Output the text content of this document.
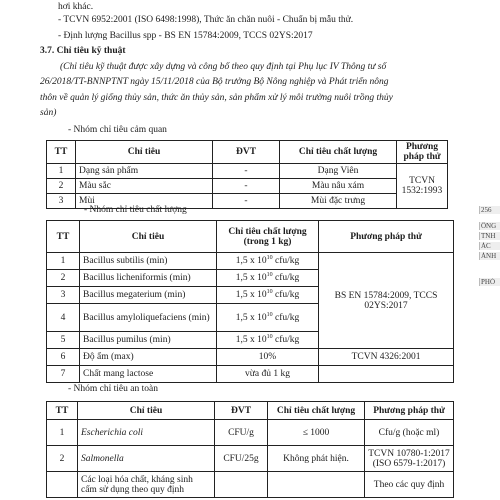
hơi khác.
- TCVN 6952:2001 (ISO 6498:1998), Thức ăn chăn nuôi - Chuẩn bị mẫu thử.
- Định lượng Bacillus spp - BS EN 15784:2009, TCCS 02YS:2017
3.7. Chỉ tiêu kỹ thuật
(Chỉ tiêu kỹ thuật được xây dựng và công bố theo quy định tại Phụ lục IV Thông tư số
26/2018/TT-BNNPTNT ngày 15/11/2018 của Bộ trưởng Bộ Nông nghiệp và Phát triển nông
thôn về quản lý giống thủy sản, thức ăn thủy sản, sản phẩm xử lý môi trường nuôi trồng thủy
sản)
- Nhóm chỉ tiêu cảm quan
TT	Chỉ tiêu	ĐVT	Chỉ tiêu chất lượng	Phương pháp thử
1	Dạng sản phẩm	-	Dạng Viên	TCVN 1532:1993
2	Màu sắc	-	Màu nâu xám	
3	Mùi	-	Mùi đặc trưng	
- Nhóm chỉ tiêu chất lượng
TT	Chỉ tiêu	Chỉ tiêu chất lượng (trong 1 kg)	Phương pháp thử
1	Bacillus subtilis (min)	1,5 x $10^{10}$ cfu/kg	BS EN 15784:2009, TCCS 02YS:2017
2	Bacillus licheniformis (min)	1,5 x $10^{10}$ cfu/kg	
3	Bacillus megaterium (min)	1,5 x $10^{10}$ cfu/kg	
4	Bacillus amyloliquefaciens (min)	1,5 x $10^{10}$ cfu/kg	
5	Bacillus pumilus (min)	1,5 x $10^{10}$ cfu/kg	
6	Độ ẩm (max)	10%	TCVN 4326:2001
7	Chất mang lactose	vừa đủ 1 kg	
- Nhóm chỉ tiêu an toàn
TT	Chỉ tiêu	ĐVT	Chỉ tiêu chất lượng	Phương pháp thử
1	Escherichia coli	CFU/g	≤ 1000	Cfu/g (hoặc ml)
2	Salmonella	CFU/25g	Không phát hiện.	TCVN 10780-1:2017 (ISO 6579-1:2017)
	Các loại hóa chất, kháng sinh cấm sử dụng theo quy định			Theo các quy định
256
ÔNG
TNH
ÁC
ÀNH
PHÒ
